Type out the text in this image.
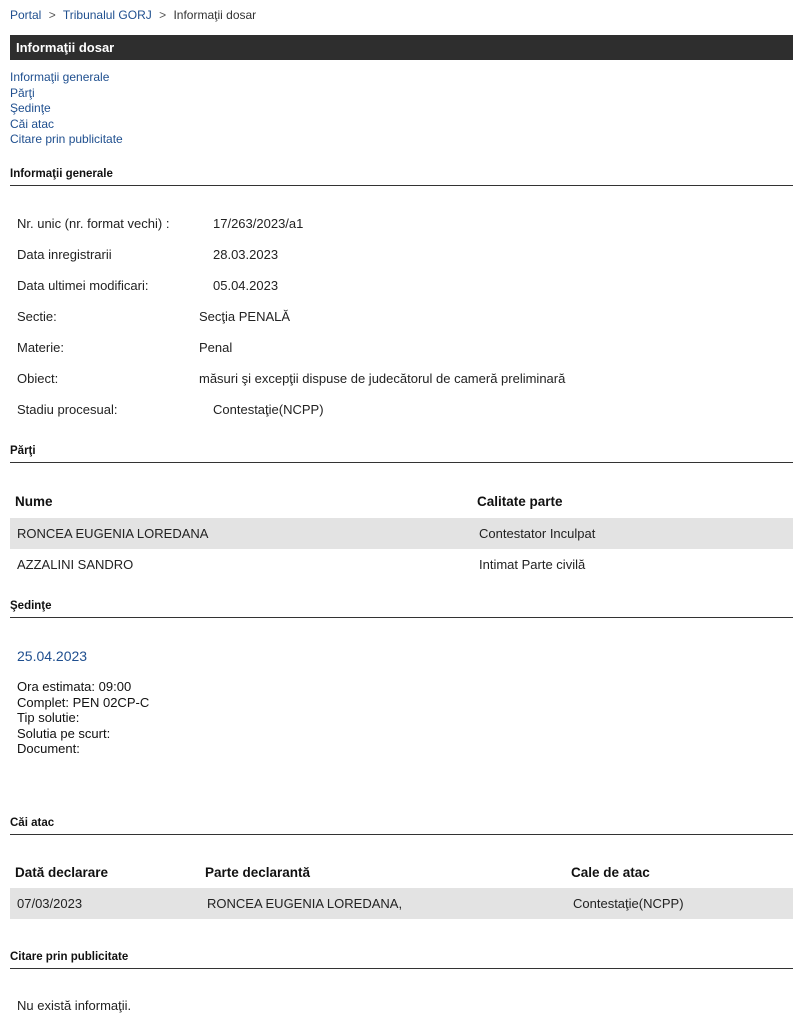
Portal > Tribunalul GORJ > Informaţii dosar
Informaţii dosar
Informaţii generale
Părţi
Şedinţe
Căi atac
Citare prin publicitate
Informaţii generale
Nr. unic (nr. format vechi) :	17/263/2023/a1
Data inregistrarii	28.03.2023
Data ultimei modificari:	05.04.2023
Sectie:	Secţia PENALĂ
Materie:	Penal
Obiect:	măsuri şi excepţii dispuse de judecătorul de cameră preliminară
Stadiu procesual:	Contestaţie(NCPP)
Părţi
Nume	Calitate parte
RONCEA EUGENIA LOREDANA	Contestator Inculpat
AZZALINI SANDRO	Intimat Parte civilă
Şedinţe
25.04.2023
Ora estimata: 09:00
Complet: PEN 02CP-C
Tip solutie:
Solutia pe scurt:
Document:
Căi atac
Dată declarare	Parte declarantă	Cale de atac
07/03/2023	RONCEA EUGENIA LOREDANA,	Contestaţie(NCPP)
Citare prin publicitate
Nu există informaţii.
